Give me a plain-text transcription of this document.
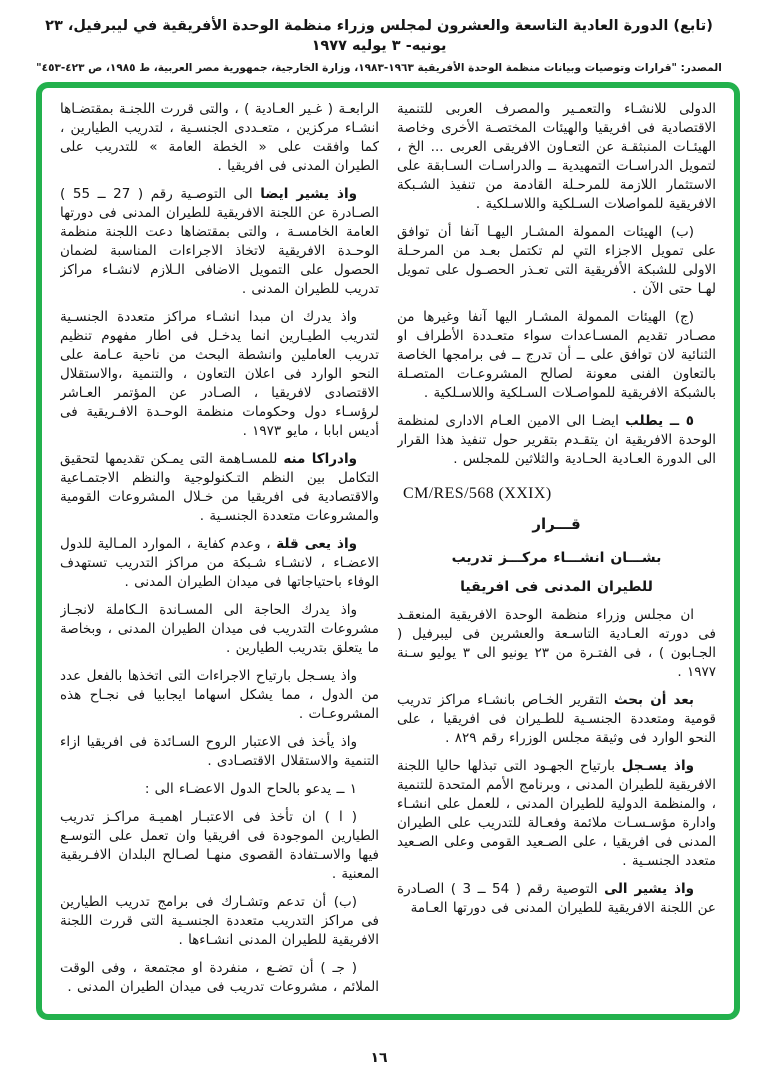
(تابع) الدورة العادية التاسعة والعشرون لمجلس وزراء منظمة الوحدة الأفريقية في ليبرفيل، ٢٣ يونيه- ٣ يوليه ١٩٧٧
المصدر: "قرارات وتوصيات وبيانات منظمة الوحدة الأفريقية ١٩٦٣-١٩٨٣، وزارة الخارجية، جمهورية مصر العربية، ط ١٩٨٥، ص ٤٢٣-٤٥٣"

الدولى للانشـاء والتعمـير والمصرف العربى للتنمية الاقتصادية فى افريقيا والهيئات المختصـة الأخرى وخاصة الهيئـات المنبثقـة عن التعـاون الافريقى العربى ... الخ ، لتمويل الدراسـات التمهيدية ــ والدراسـات السـابقة على الاستثمار اللازمة للمرحـلة القادمة من تنفيذ الشـبكة الافريقية للمواصلات السـلكية واللاسـلكية .

(ب) الهيئات الممولة المشـار اليهـا آنفا أن توافق على تمويل الاجزاء التي لم تكتمل بعـد من المرحـلة الاولى للشبكة الأفريقية التى تعـذر الحصـول على تمويل لهـا حتى الآن .

(ج) الهيئات الممولة المشـار اليها آنفا وغيرها من مصـادر تقديم المسـاعدات سواء متعـددة الأطراف او الثنائية لان توافق على ــ أن تدرج ــ فى برامجها الخاصة بالتعاون الفنى معونة لصالح المشروعـات المتصـلة بالشبكة الافريقية للمواصـلات السـلكية واللاسـلكية .

٥ ــ يطلب ايضـا الى الامين العـام الادارى لمنظمة الوحدة الافريقية ان يتقـدم بتقرير حول تنفيذ هذا القرار الى الدورة العـادية الحـادية والثلاثين للمجلس .

CM/RES/568 (XXIX)

قـــرار

بشـــان انشـــاء مركـــز تدريب

للطيران المدنى فى افريقيا

ان مجلس وزراء منظمة الوحدة الافريقية المنعقـد فى دورته العـادية التاسـعة والعشرين فى ليبرفيل ( الجـابون ) ، فى الفتـرة من ٢٣ يونيو الى ٣ يوليو سـنة ١٩٧٧ .

بعد أن بحث التقرير الخـاص بانشـاء مراكز تدريب قومية ومتعددة الجنسـية للطـيران فى افريقيا ، على النحو الوارد فى وثيقة مجلس الوزراء رقم ٨٢٩ .

واذ يسـجل بارتياح الجهـود التى تبذلها حاليا اللجنة الافريقية للطيران المدنى ، وبرنامج الأمم المتحدة للتنمية ، والمنظمة الدولية للطيران المدنى ، للعمل على انشـاء وادارة مؤسـسـات ملائمة وفعـالة للتدريب على الطيران المدنى فى افريقيا ، على الصـعيد القومى وعلى الصـعيد متعدد الجنسـية .

واذ يشير الى التوصية رقم ( 54 ــ 3 ) الصـادرة عن اللجنة الافريقية للطيران المدنى فى دورتها العـامة

الرابعـة ( غـير العـادية ) ، والتى قررت اللجنـة بمقتضـاها انشـاء مركزين ، متعـددى الجنسـية ، لتدريب الطيارين ، كما وافقت على « الخطة العامة » للتدريب على الطيران المدنى فى افريقيا .

واذ يشير ايضا الى التوصـية رقم ( 27 ــ 55 ) الصـادرة عن اللجنة الافريقية للطيران المدنى فى دورتها العامة الخامسـة ، والتى بمقتضاها دعت اللجنة منظمة الوحـدة الافريقية لاتخاذ الاجراءات المناسبة لضمان الحصول على التمويل الاضافى الـلازم لانشـاء مراكز تدريب للطيران المدنى .

واذ يدرك ان مبدا انشـاء مراكز متعددة الجنسـية لتدريب الطيـارين انما يدخـل فى اطار مفهوم تنظيم تدريب العاملين وانشطة البحث من ناحية عـامة على النحو الوارد فى اعلان التعاون ، والتنمية ،والاستقلال الاقتصادى لافريقيا ، الصـادر عن المؤتمر العـاشر لرؤسـاء دول وحكومات منظمة الوحـدة الافـريقية فى أديس ابابا ، مايو ١٩٧٣ .

وادراكا منه للمسـاهمة التى يمـكن تقديمها لتحقيق التكامل بين النظم التـكنولوجية والنظم الاجتمـاعية والاقتصادية فى افريقيا من خـلال المشروعات القومية والمشروعات متعددة الجنسـية .

واذ يعى قلة ، وعدم كفاية ، الموارد المـالية للدول الاعضـاء ، لانشـاء شـبكة من مراكز التدريب تستهدف الوفاء باحتياجاتها فى ميدان الطيران المدنى .

واذ يدرك الحاجة الى المسـاندة الـكاملة لانجـاز مشروعات التدريب فى ميدان الطيران المدنى ، وبخاصة ما يتعلق بتدريب الطيارين .

واذ يسـجل بارتياح الاجراءات التى اتخذها بالفعل عدد من الدول ، مما يشكل اسهاما ايجابيا فى نجـاح هذه المشروعـات .

واذ يأخذ فى الاعتبار الروح السـائدة فى افريقيا ازاء التنمية والاستقلال الاقتصـادى .

١ ــ يدعو بالحاح الدول الاعضـاء الى :

( ا ) ان تأخذ فى الاعتبـار اهميـة مراكـز تدريب الطيارين الموجودة فى افريقيا وان تعمل على التوسـع فيها والاسـتفادة القصوى منهـا لصـالح البلدان الافـريقية المعنية .

(ب) أن تدعم وتشـارك فى برامج تدريب الطيارين فى مراكز التدريب متعددة الجنسـية التى قررت اللجنة الافريقية للطيران المدنى انشـاءها .

( جـ ) أن تضـع ، منفردة او مجتمعة ، وفى الوقت الملائم ، مشروعات تدريب فى ميدان الطيران المدنى .

١٦
